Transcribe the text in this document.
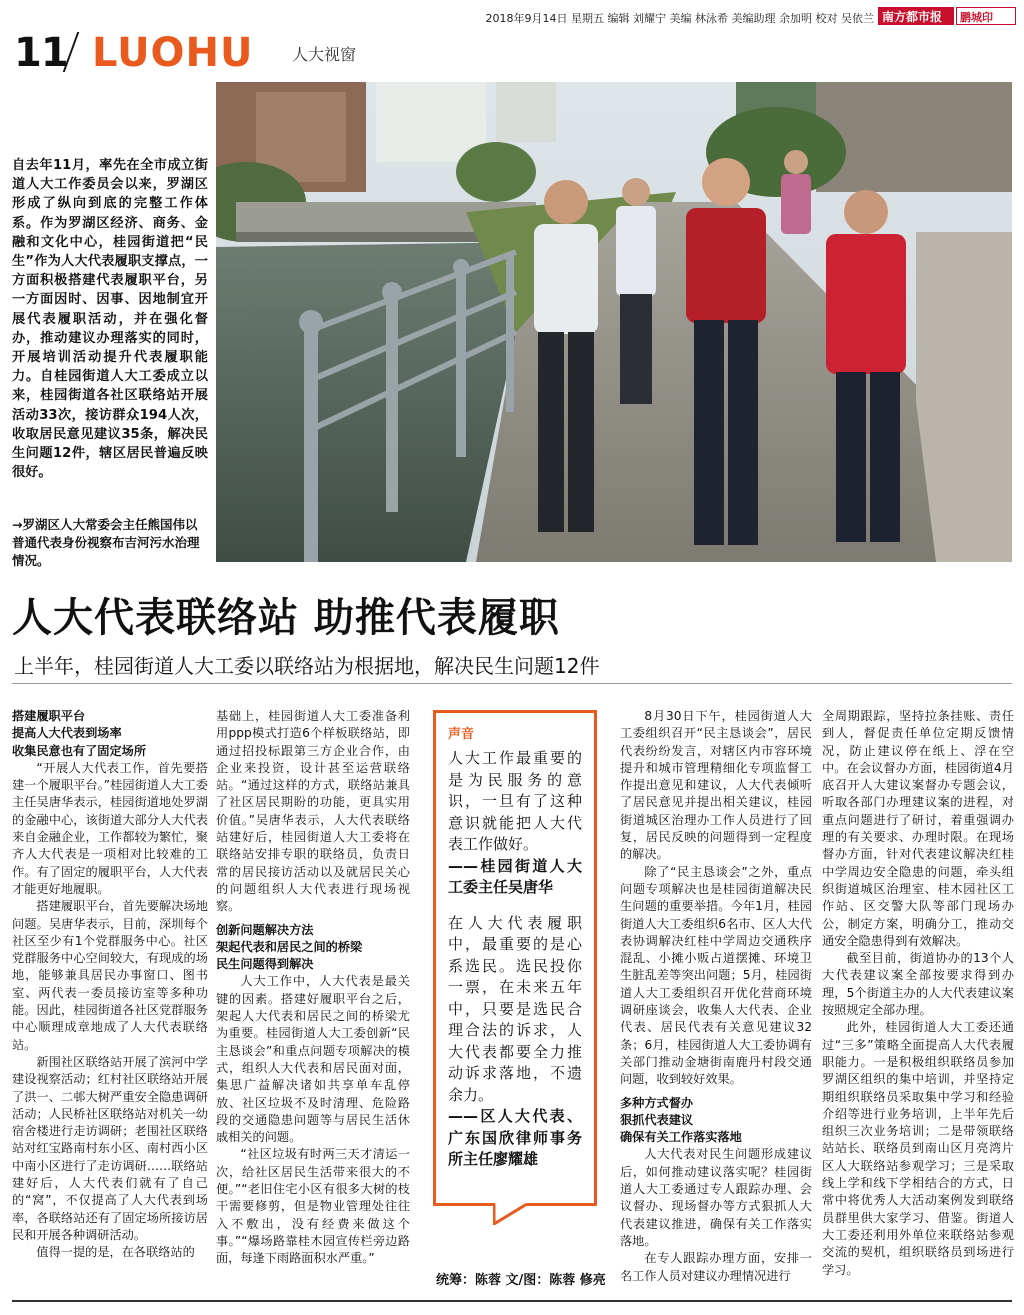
2018年9月14日 星期五 编辑 刘耀宁 美编 林泳希 美编助理 余加明 校对 吴依兰 南方都市报	鹏城印
11 LUOHU 人大视窗
自去年11月，率先在全市成立街道人大工作委员会以来，罗湖区形成了纵向到底的完整工作体系。作为罗湖区经济、商务、金融和文化中心，桂园街道把“民生”作为人大代表履职支撑点，一方面积极搭建代表履职平台，另一方面因时、因事、因地制宜开展代表履职活动，并在强化督办，推动建议办理落实的同时，开展培训活动提升代表履职能力。自桂园街道人大工委成立以来，桂园街道各社区联络站开展活动33次，接访群众194人次，收取居民意见建议35条，解决民生问题12件，辖区居民普遍反映很好。
→罗湖区人大常委会主任熊国伟以普通代表身份视察布吉河污水治理情况。
人大代表联络站 助推代表履职
上半年，桂园街道人大工委以联络站为根据地，解决民生问题12件
搭建履职平台
提高人大代表到场率
收集民意也有了固定场所

“开展人大代表工作，首先要搭建一个履职平台。”桂园街道人大工委主任吴唐华表示，桂园街道地处罗湖的金融中心，该街道大部分人大代表来自金融企业，工作都较为繁忙，聚齐人大代表是一项相对比较难的工作。有了固定的履职平台，人大代表才能更好地履职。

搭建履职平台，首先要解决场地问题。吴唐华表示，目前，深圳每个社区至少有1个党群服务中心。社区党群服务中心空间较大，有现成的场地，能够兼具居民办事窗口、图书室、两代表一委员接访室等多种功能。因此，桂园街道各社区党群服务中心顺理成章地成了人大代表联络站。

新围社区联络站开展了滨河中学建设视察活动；红村社区联络站开展了洪一、二邨大树严重安全隐患调研活动；人民桥社区联络站对机关一幼宿舍楼进行走访调研；老围社区联络站对红宝路南村东小区、南村西小区中南小区进行了走访调研……联络站建好后，人大代表们就有了自己的“窝”，不仅提高了人大代表到场率，各联络站还有了固定场所接访居民和开展各种调研活动。

值得一提的是，在各联络站的

基础上，桂园街道人大工委准备利用ppp模式打造6个样板联络站，即通过招投标跟第三方企业合作，由企业来投资，设计甚至运营联络站。“通过这样的方式，联络站兼具了社区居民期盼的功能，更具实用价值。”吴唐华表示，人大代表联络站建好后，桂园街道人大工委将在联络站安排专职的联络员，负责日常的居民接访活动以及就居民关心的问题组织人大代表进行现场视察。

创新问题解决方法
架起代表和居民之间的桥梁
民生问题得到解决

人大工作中，人大代表是最关键的因素。搭建好履职平台之后，架起人大代表和居民之间的桥梁尤为重要。桂园街道人大工委创新“民主恳谈会”和重点问题专项解决的模式，组织人大代表和居民面对面，集思广益解决诸如共享单车乱停放、社区垃圾不及时清理、危险路段的交通隐患问题等与居民生活休戚相关的问题。

“社区垃圾有时两三天才清运一次，给社区居民生活带来很大的不便。”“老旧住宅小区有很多大树的枝干需要修剪，但是物业管理处往往入不敷出，没有经费来做这个事。”“爆场路靠桂木园宣传栏旁边路面，每逢下雨路面积水严重。”

声音

人大工作最重要的是为民服务的意识，一旦有了这种意识就能把人大代表工作做好。

——桂园街道人大工委主任吴唐华

在人大代表履职中，最重要的是心系选民。选民投你一票，在未来五年中，只要是选民合理合法的诉求，人大代表都要全力推动诉求落地，不遗余力。

——区人大代表、广东国欣律师事务所主任廖耀雄

统筹：陈蓉 文/图：陈蓉 修亮

8月30日下午，桂园街道人大工委组织召开“民主恳谈会”，居民代表纷纷发言，对辖区内市容环境提升和城市管理精细化专项监督工作提出意见和建议，人大代表倾听了居民意见并提出相关建议，桂园街道城区治理办工作人员进行了回复，居民反映的问题得到一定程度的解决。

除了“民主恳谈会”之外，重点问题专项解决也是桂园街道解决民生问题的重要举措。今年1月，桂园街道人大工委组织6名市、区人大代表协调解决红桂中学周边交通秩序混乱、小摊小贩占道摆摊、环境卫生脏乱差等突出问题；5月，桂园街道人大工委组织召开优化营商环境调研座谈会，收集人大代表、企业代表、居民代表有关意见建议32条；6月，桂园街道人大工委协调有关部门推动金塘街南鹿丹村段交通问题，收到较好效果。

多种方式督办
狠抓代表建议
确保有关工作落实落地

人大代表对民生问题形成建议后，如何推动建议落实呢？桂园街道人大工委通过专人跟踪办理、会议督办、现场督办等方式狠抓人大代表建议推进，确保有关工作落实落地。

在专人跟踪办理方面，安排一名工作人员对建议办理情况进行

全周期跟踪，坚持拉条挂账、责任到人，督促责任单位定期反馈情况，防止建议停在纸上、浮在空中。在会议督办方面，桂园街道4月底召开人大建议案督办专题会议，听取各部门办理建议案的进程，对重点问题进行了研讨，着重强调办理的有关要求、办理时限。在现场督办方面，针对代表建议解决红桂中学周边安全隐患的问题，牵头组织街道城区治理室、桂木园社区工作站、区交警大队等部门现场办公，制定方案，明确分工，推动交通安全隐患得到有效解决。

截至目前，街道协办的13个人大代表建议案全部按要求得到办理，5个街道主办的人大代表建议案按照规定全部办理。

此外，桂园街道人大工委还通过“三多”策略全面提高人大代表履职能力。一是积极组织联络员参加罗湖区组织的集中培训，并坚持定期组织联络员采取集中学习和经验介绍等进行业务培训，上半年先后组织三次业务培训；二是带领联络站站长、联络员到南山区月亮湾片区人大联络站参观学习；三是采取线上学和线下学相结合的方式，日常中将优秀人大活动案例发到联络员群里供大家学习、借鉴。街道人大工委还利用外单位来联络站参观交流的契机，组织联络员到场进行学习。
